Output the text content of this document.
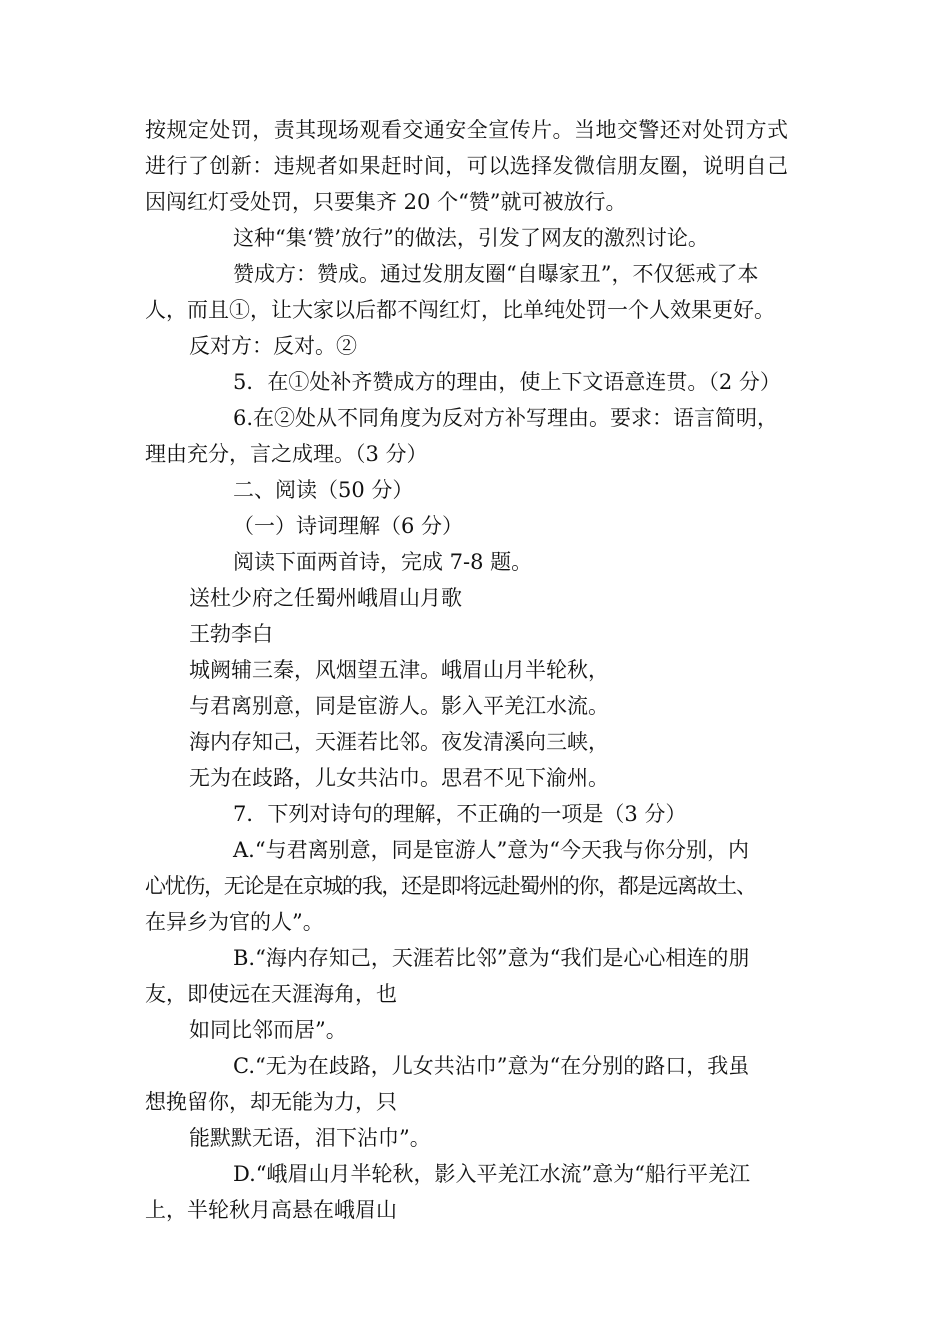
按规定处罚，责其现场观看交通安全宣传片。当地交警还对处罚方式
进行了创新：违规者如果赶时间，可以选择发微信朋友圈，说明自己
因闯红灯受处罚，只要集齐 20 个“赞”就可被放行。
这种“集‘赞’放行”的做法，引发了网友的激烈讨论。
赞成方：赞成。通过发朋友圈“自曝家丑”，不仅惩戒了本
人，而且①，让大家以后都不闯红灯，比单纯处罚一个人效果更好。
反对方：反对。②
5．在①处补齐赞成方的理由，使上下文语意连贯。（2 分）
6.在②处从不同角度为反对方补写理由。要求：语言简明，
理由充分，言之成理。（3 分）
二、阅读（50 分）
（一）诗词理解（6 分）
阅读下面两首诗，完成 7-8 题。
送杜少府之任蜀州峨眉山月歌
王勃李白
城阙辅三秦，风烟望五津。峨眉山月半轮秋，
与君离别意，同是宦游人。影入平羌江水流。
海内存知己，天涯若比邻。夜发清溪向三峡，
无为在歧路，儿女共沾巾。思君不见下渝州。
7．下列对诗句的理解，不正确的一项是（3 分）
A.“与君离别意，同是宦游人”意为“今天我与你分别，内
心忧伤，无论是在京城的我，还是即将远赴蜀州的你，都是远离故土、
在异乡为官的人”。
B.“海内存知己，天涯若比邻”意为“我们是心心相连的朋
友，即使远在天涯海角，也
如同比邻而居”。
C.“无为在歧路，儿女共沾巾”意为“在分别的路口，我虽
想挽留你，却无能为力，只
能默默无语，泪下沾巾”。
D.“峨眉山月半轮秋，影入平羌江水流”意为“船行平羌江
上，半轮秋月高悬在峨眉山
